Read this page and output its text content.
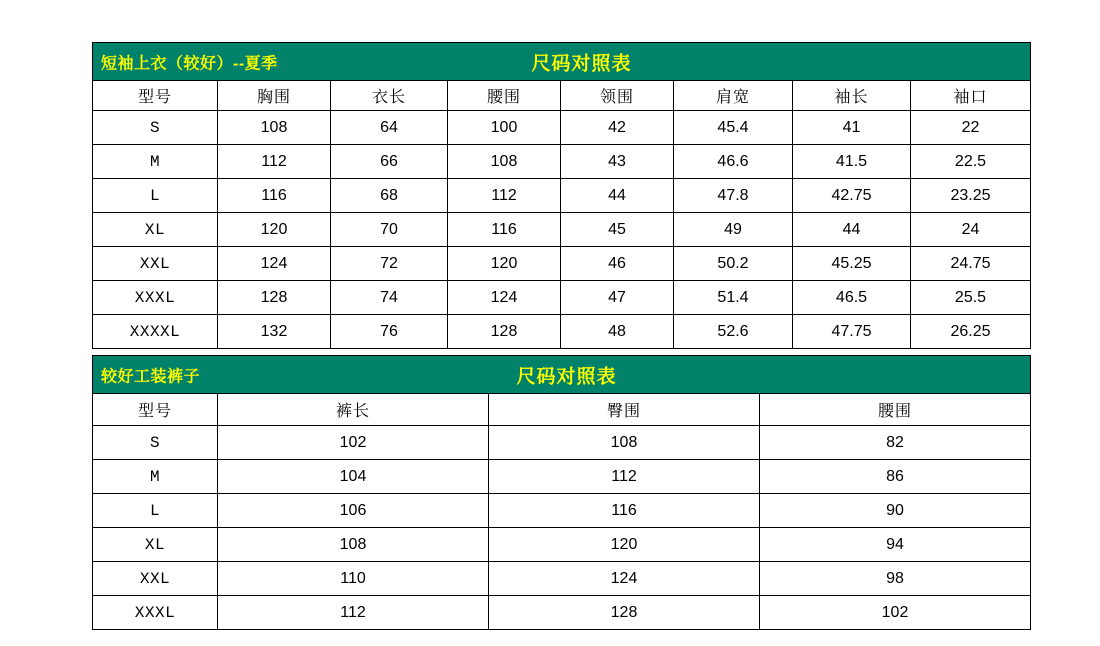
短袖上衣（较好）--夏季 尺码对照表							

型号	胸围	衣长	腰围	领围	肩宽	袖长	袖口
S	108	64	100	42	45.4	41	22
M	112	66	108	43	46.6	41.5	22.5
L	116	68	112	44	47.8	42.75	23.25
XL	120	70	116	45	49	44	24
XXL	124	72	120	46	50.2	45.25	24.75
XXXL	128	74	124	47	51.4	46.5	25.5
XXXXL	132	76	128	48	52.6	47.75	26.25
较好工装裤子 尺码对照表			

型号	裤长	臀围	腰围
S	102	108	82
M	104	112	86
L	106	116	90
XL	108	120	94
XXL	110	124	98
XXXL	112	128	102
